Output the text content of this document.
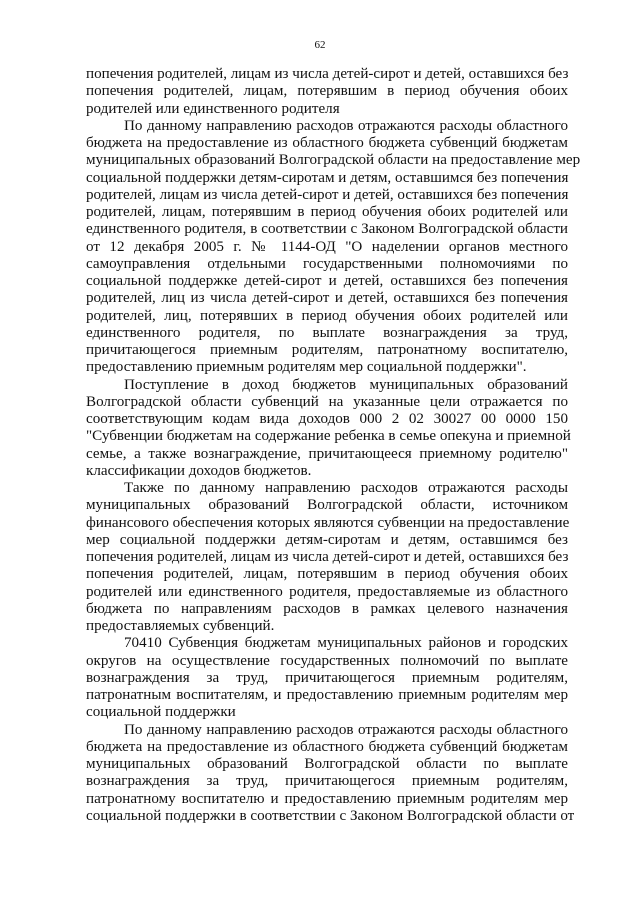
62
попечения родителей, лицам из числа детей-сирот и детей, оставшихся без
попечения родителей, лицам, потерявшим в период обучения обоих
родителей или единственного родителя
По данному направлению расходов отражаются расходы областного
бюджета на предоставление из областного бюджета субвенций бюджетам
муниципальных образований Волгоградской области на предоставление мер
социальной поддержки детям-сиротам и детям, оставшимся без попечения
родителей, лицам из числа детей-сирот и детей, оставшихся без попечения
родителей, лицам, потерявшим в период обучения обоих родителей или
единственного родителя, в соответствии с Законом Волгоградской области
от 12 декабря 2005 г. № 1144-ОД "О наделении органов местного
самоуправления отдельными государственными полномочиями по
социальной поддержке детей-сирот и детей, оставшихся без попечения
родителей, лиц из числа детей-сирот и детей, оставшихся без попечения
родителей, лиц, потерявших в период обучения обоих родителей или
единственного родителя, по выплате вознаграждения за труд,
причитающегося приемным родителям, патронатному воспитателю,
предоставлению приемным родителям мер социальной поддержки".
Поступление в доход бюджетов муниципальных образований
Волгоградской области субвенций на указанные цели отражается по
соответствующим кодам вида доходов 000 2 02 30027 00 0000 150
"Субвенции бюджетам на содержание ребенка в семье опекуна и приемной
семье, а также вознаграждение, причитающееся приемному родителю"
классификации доходов бюджетов.
Также по данному направлению расходов отражаются расходы
муниципальных образований Волгоградской области, источником
финансового обеспечения которых являются субвенции на предоставление
мер социальной поддержки детям-сиротам и детям, оставшимся без
попечения родителей, лицам из числа детей-сирот и детей, оставшихся без
попечения родителей, лицам, потерявшим в период обучения обоих
родителей или единственного родителя, предоставляемые из областного
бюджета по направлениям расходов в рамках целевого назначения
предоставляемых субвенций.
70410 Субвенция бюджетам муниципальных районов и городских
округов на осуществление государственных полномочий по выплате
вознаграждения за труд, причитающегося приемным родителям,
патронатным воспитателям, и предоставлению приемным родителям мер
социальной поддержки
По данному направлению расходов отражаются расходы областного
бюджета на предоставление из областного бюджета субвенций бюджетам
муниципальных образований Волгоградской области по выплате
вознаграждения за труд, причитающегося приемным родителям,
патронатному воспитателю и предоставлению приемным родителям мер
социальной поддержки в соответствии с Законом Волгоградской области от
